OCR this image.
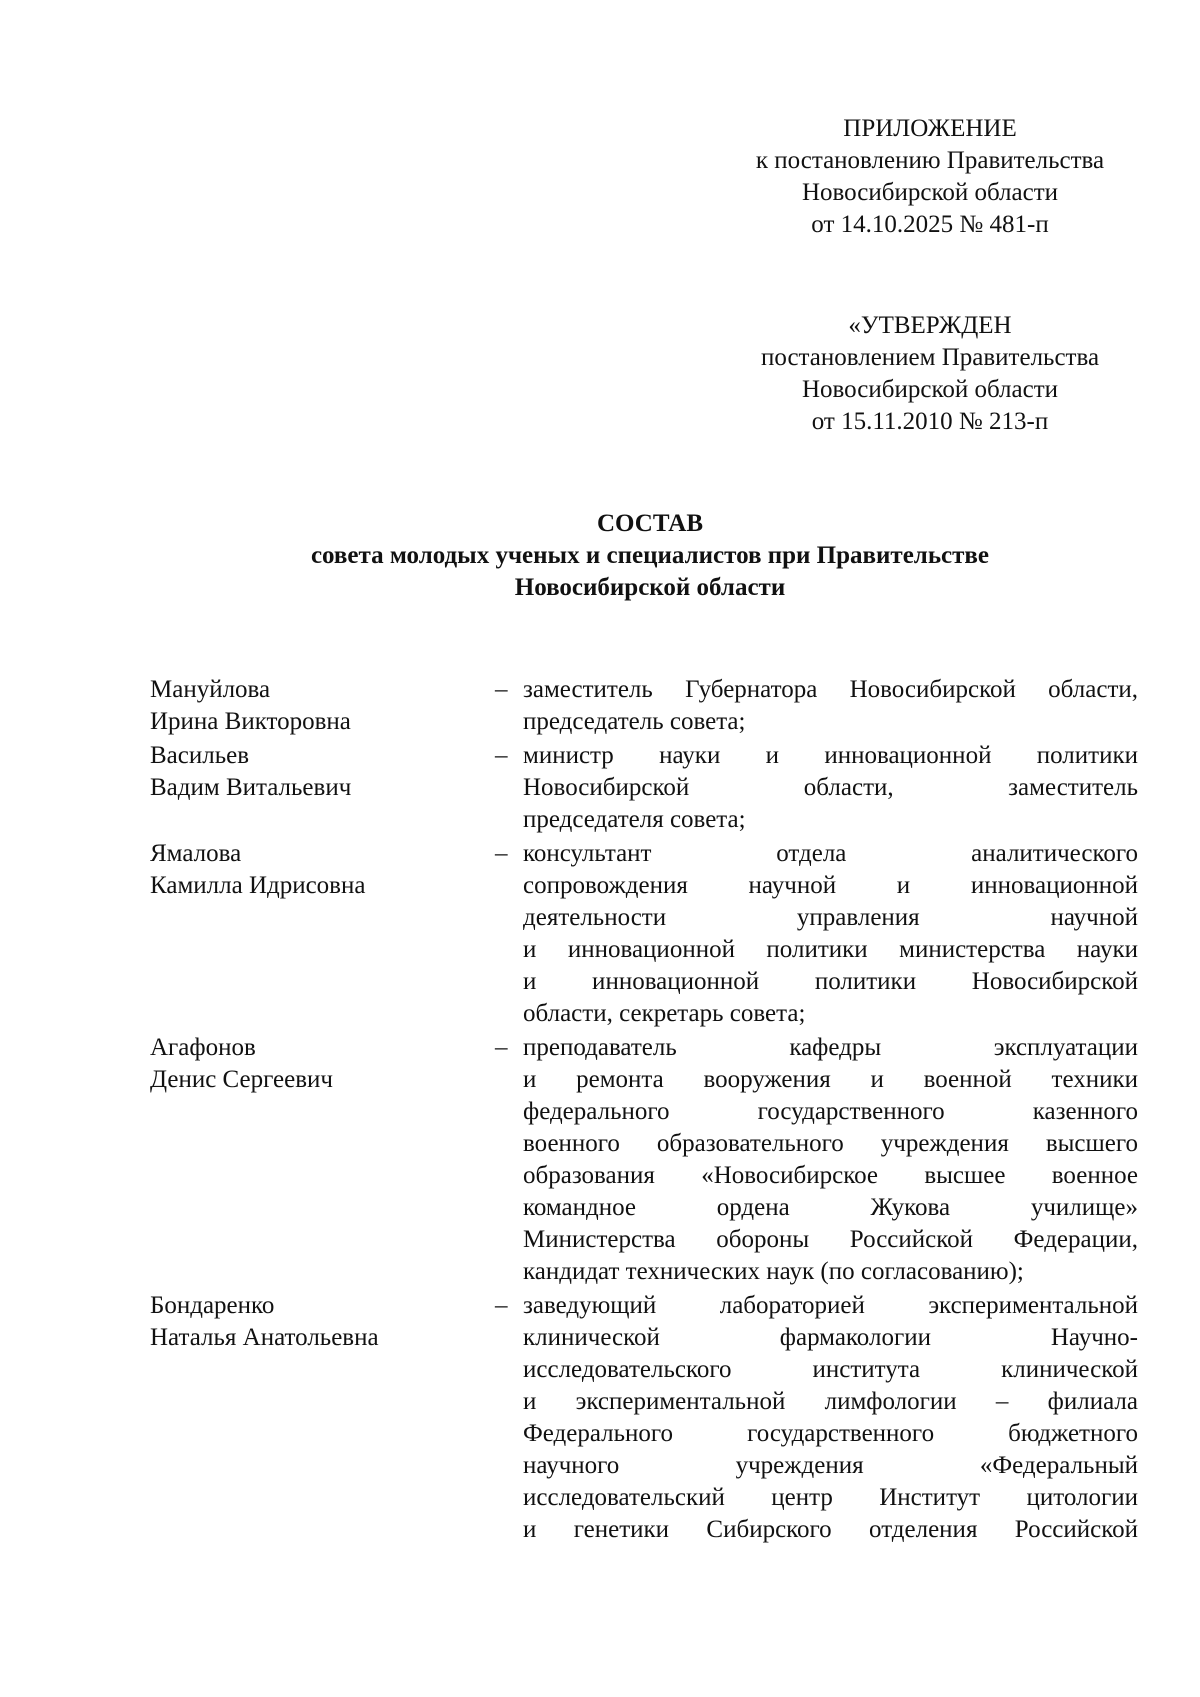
ПРИЛОЖЕНИЕ
к постановлению Правительства
Новосибирской области
от 14.10.2025 № 481-п
«УТВЕРЖДЕН
постановлением Правительства
Новосибирской области
от 15.11.2010 № 213-п
СОСТАВ
совета молодых ученых и специалистов при Правительстве
Новосибирской области
Мануйлова
Ирина Викторовна
– заместитель Губернатора Новосибирской области,
председатель совета;
Васильев
Вадим Витальевич
– министр науки и инновационной политики
Новосибирской области, заместитель
председателя совета;
Ямалова
Камилла Идрисовна
– консультант отдела аналитического
сопровождения научной и инновационной
деятельности управления научной
и инновационной политики министерства науки
и инновационной политики Новосибирской
области, секретарь совета;
Агафонов
Денис Сергеевич
– преподаватель кафедры эксплуатации
и ремонта вооружения и военной техники
федерального государственного казенного
военного образовательного учреждения высшего
образования «Новосибирское высшее военное
командное ордена Жукова училище»
Министерства обороны Российской Федерации,
кандидат технических наук (по согласованию);
Бондаренко
Наталья Анатольевна
– заведующий лабораторией экспериментальной
клинической фармакологии Научно-
исследовательского института клинической
и экспериментальной лимфологии – филиала
Федерального государственного бюджетного
научного учреждения «Федеральный
исследовательский центр Институт цитологии
и генетики Сибирского отделения Российской
